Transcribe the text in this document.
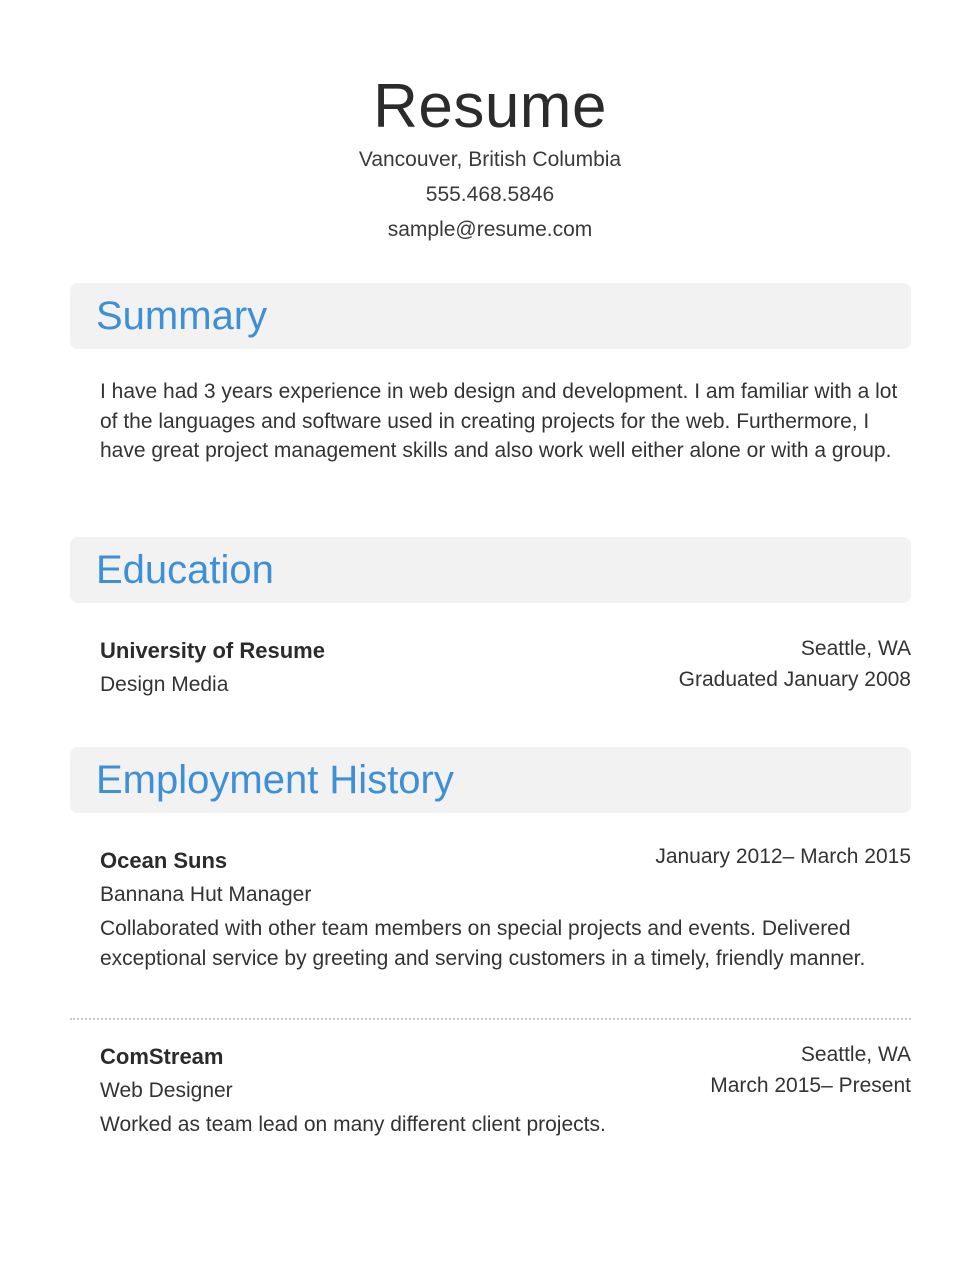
Resume
Vancouver, British Columbia
555.468.5846
sample@resume.com
Summary
I have had 3 years experience in web design and development. I am familiar with a lot of the languages and software used in creating projects for the web. Furthermore, I have great project management skills and also work well either alone or with a group.
Education
University of Resume
Design Media
Seattle, WA
Graduated January 2008
Employment History
Ocean Suns
Bannana Hut Manager
January 2012– March 2015
Collaborated with other team members on special projects and events. Delivered exceptional service by greeting and serving customers in a timely, friendly manner.
ComStream
Web Designer
Seattle, WA
March 2015– Present
Worked as team lead on many different client projects.
